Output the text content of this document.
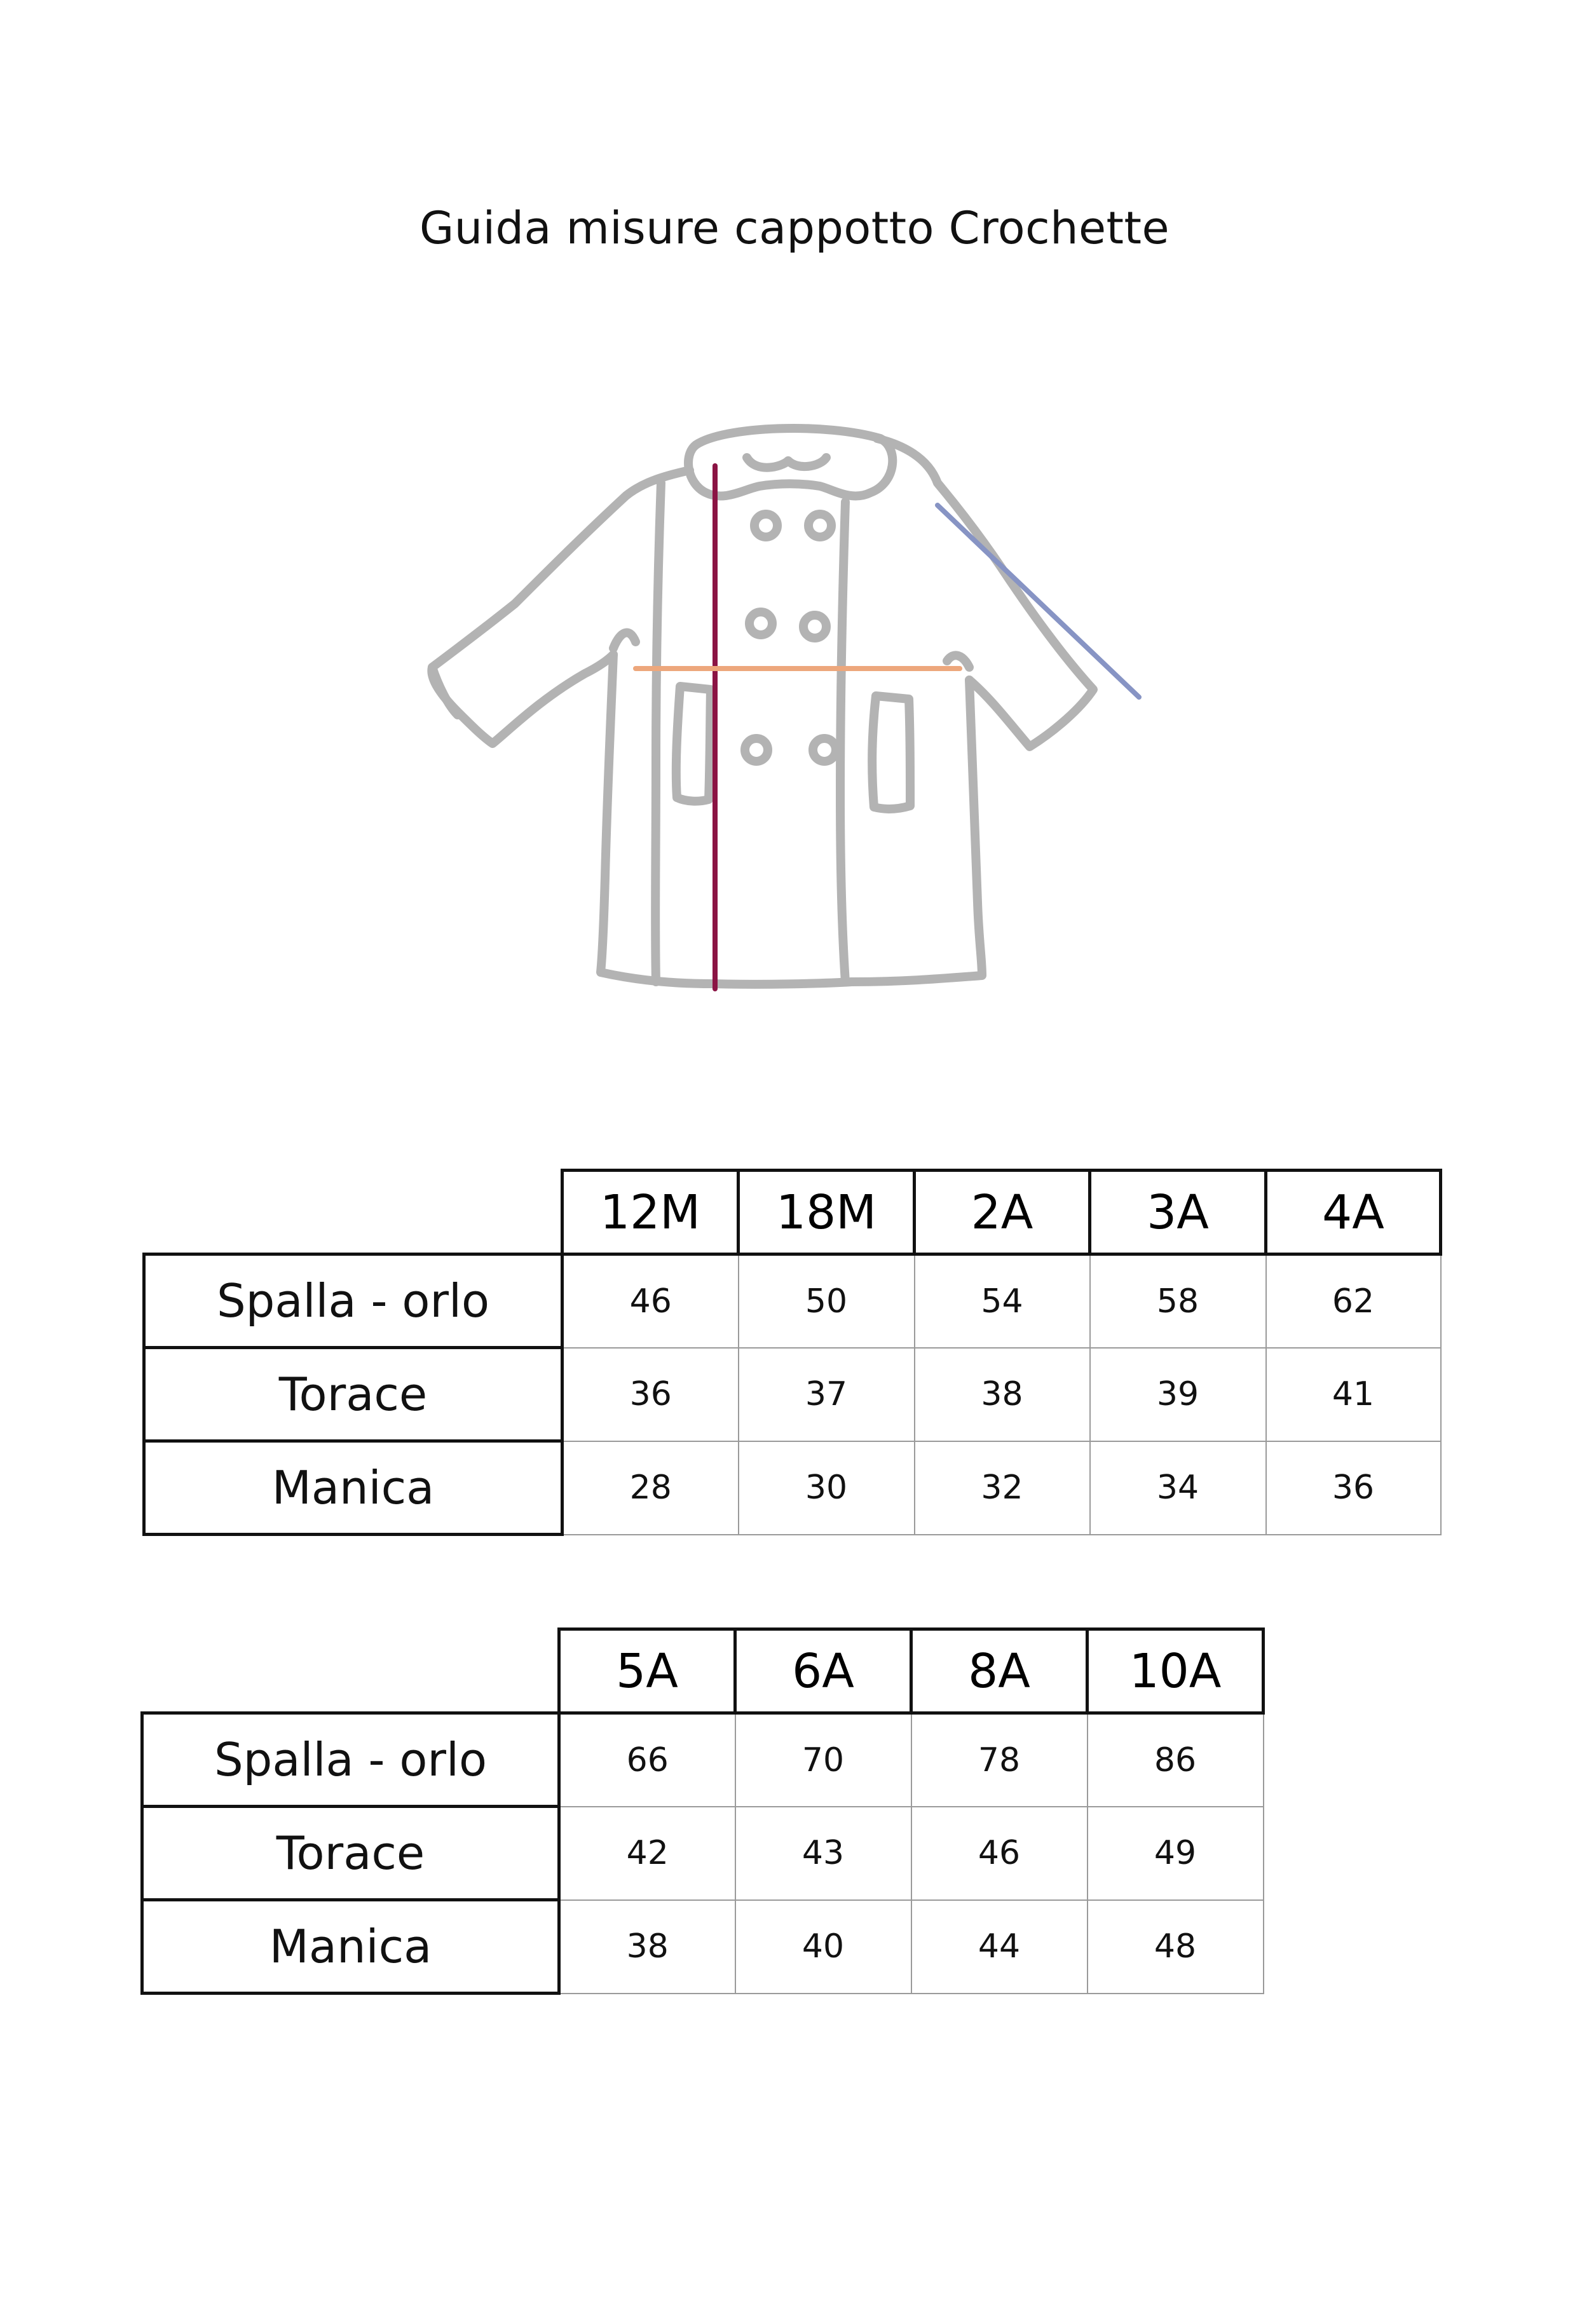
Guida misure cappotto Crochette
	12M	18M	2A	3A	4A
Spalla - orlo	46	50	54	58	62
Torace	36	37	38	39	41
Manica	28	30	32	34	36
	5A	6A	8A	10A
Spalla - orlo	66	70	78	86
Torace	42	43	46	49
Manica	38	40	44	48
